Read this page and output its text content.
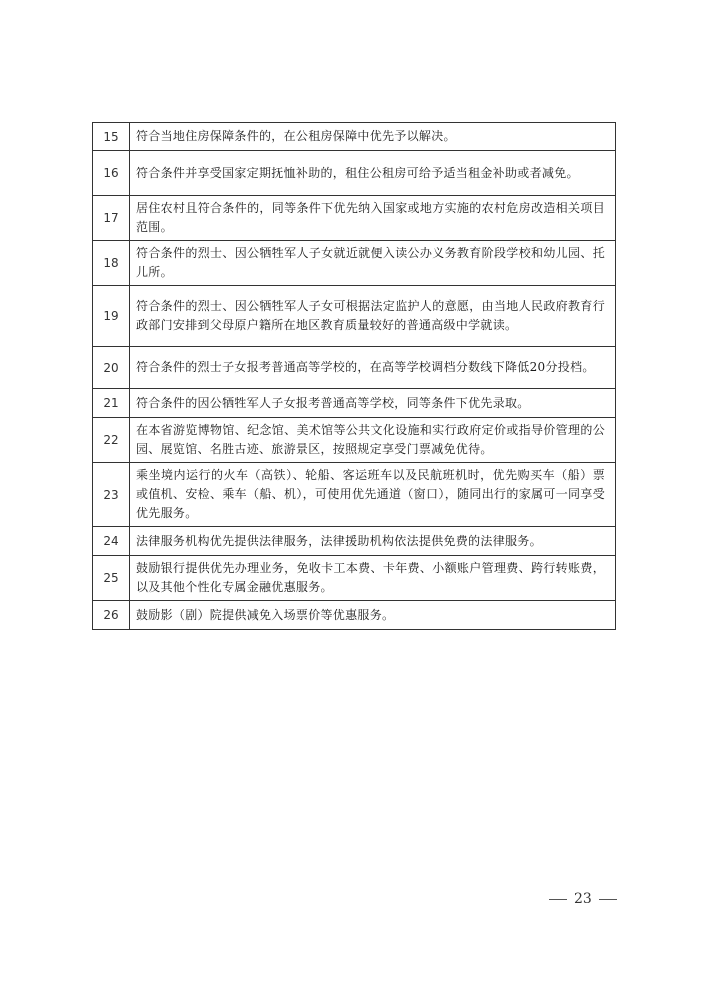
15	符合当地住房保障条件的，在公租房保障中优先予以解决。
16	符合条件并享受国家定期抚恤补助的，租住公租房可给予适当租金补助或者减免。
17	居住农村且符合条件的，同等条件下优先纳入国家或地方实施的农村危房改造相关项目范围。
18	符合条件的烈士、因公牺牲军人子女就近就便入读公办义务教育阶段学校和幼儿园、托儿所。
19	符合条件的烈士、因公牺牲军人子女可根据法定监护人的意愿，由当地人民政府教育行政部门安排到父母原户籍所在地区教育质量较好的普通高级中学就读。
20	符合条件的烈士子女报考普通高等学校的，在高等学校调档分数线下降低20分投档。
21	符合条件的因公牺牲军人子女报考普通高等学校，同等条件下优先录取。
22	在本省游览博物馆、纪念馆、美术馆等公共文化设施和实行政府定价或指导价管理的公园、展览馆、名胜古迹、旅游景区，按照规定享受门票减免优待。
23	乘坐境内运行的火车（高铁）、轮船、客运班车以及民航班机时，优先购买车（船）票或值机、安检、乘车（船、机），可使用优先通道（窗口），随同出行的家属可一同享受优先服务。
24	法律服务机构优先提供法律服务，法律援助机构依法提供免费的法律服务。
25	鼓励银行提供优先办理业务，免收卡工本费、卡年费、小额账户管理费、跨行转账费，以及其他个性化专属金融优惠服务。
26	鼓励影（剧）院提供减免入场票价等优惠服务。
23
